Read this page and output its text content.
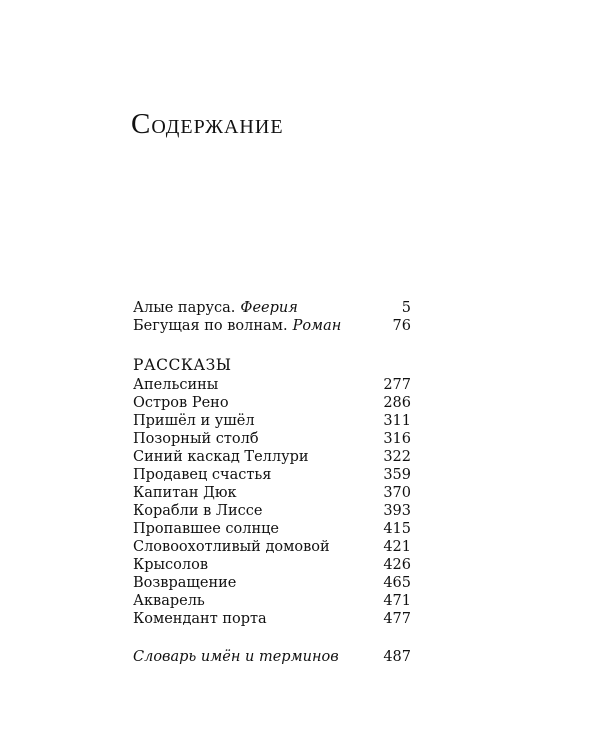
Содержание
Алые паруса. Феерия	5
Бегущая по волнам. Роман	76
РАССКАЗЫ
Апельсины	277
Остров Рено	286
Пришёл и ушёл	311
Позорный столб	316
Синий каскад Теллури	322
Продавец счастья	359
Капитан Дюк	370
Корабли в Лиссе	393
Пропавшее солнце	415
Словоохотливый домовой	421
Крысолов	426
Возвращение	465
Акварель	471
Комендант порта	477
Словарь имён и терминов	487
